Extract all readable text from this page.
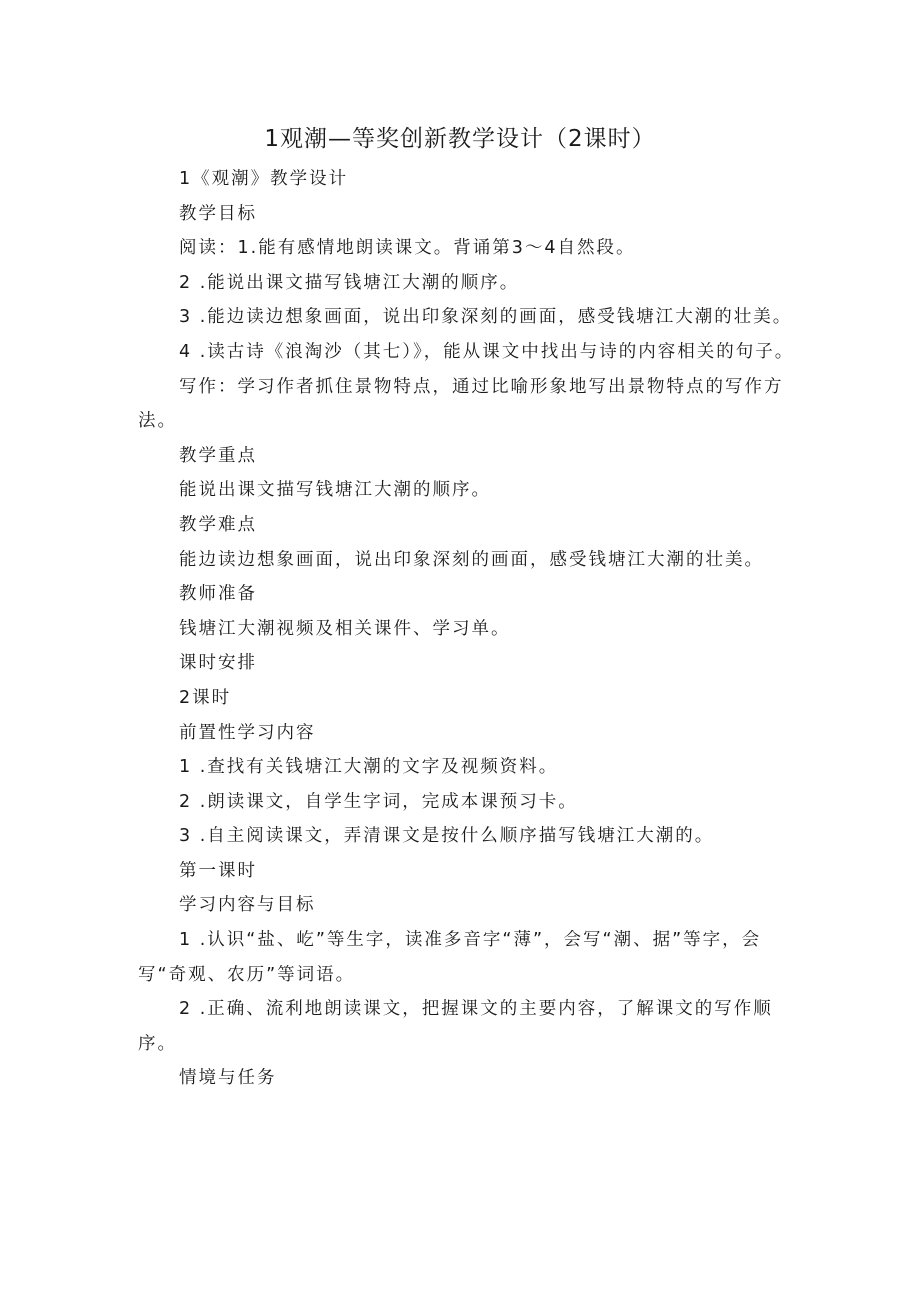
1观潮—等奖创新教学设计（2课时）

1《观潮》教学设计

教学目标

阅读：1.能有感情地朗读课文。背诵第3～4自然段。

2 .能说出课文描写钱塘江大潮的顺序。

3 .能边读边想象画面，说出印象深刻的画面，感受钱塘江大潮的壮美。

4 .读古诗《浪淘沙（其七）》，能从课文中找出与诗的内容相关的句子。

写作：学习作者抓住景物特点，通过比喻形象地写出景物特点的写作方法。

教学重点

能说出课文描写钱塘江大潮的顺序。

教学难点

能边读边想象画面，说出印象深刻的画面，感受钱塘江大潮的壮美。

教师准备

钱塘江大潮视频及相关课件、学习单。

课时安排

2课时

前置性学习内容

1 .查找有关钱塘江大潮的文字及视频资料。

2 .朗读课文，自学生字词，完成本课预习卡。

3 .自主阅读课文，弄清课文是按什么顺序描写钱塘江大潮的。

第一课时

学习内容与目标

1 .认识“盐、屹”等生字，读准多音字“薄”，会写“潮、据”等字，会写“奇观、农历”等词语。

2 .正确、流利地朗读课文，把握课文的主要内容，了解课文的写作顺序。

情境与任务
